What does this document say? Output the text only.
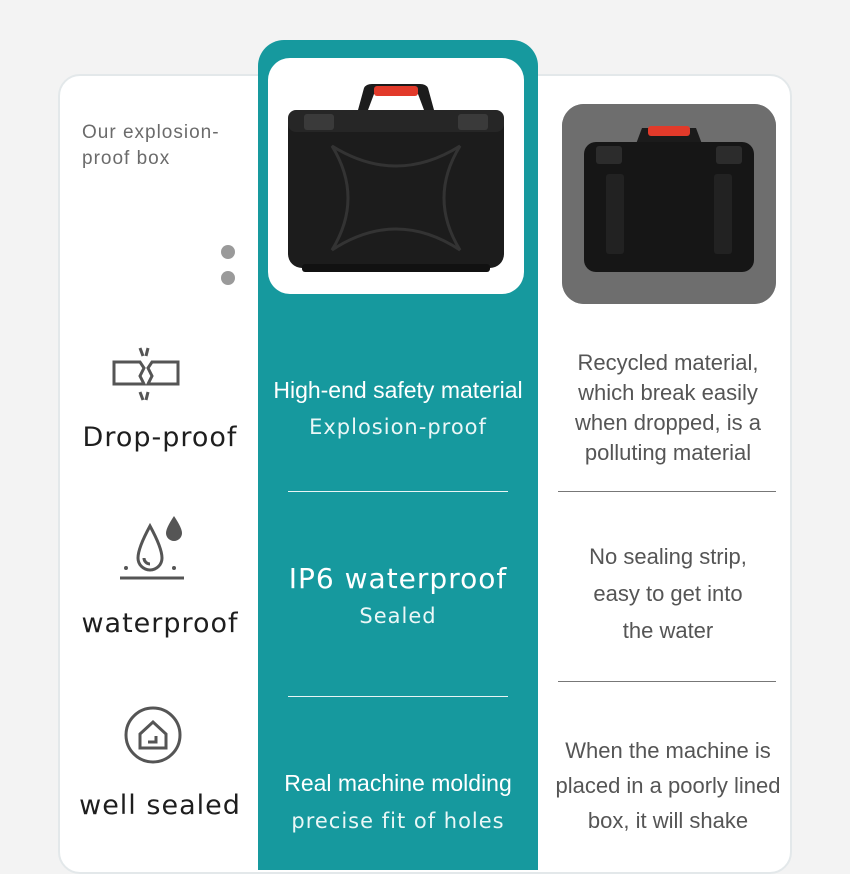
Our explosion-proof box
Drop-proof
waterproof
well sealed
High-end safety material
Explosion-proof
IP6 waterproof
Sealed
Real machine molding
precise fit of holes
Recycled material,
which break easily
when dropped, is a
polluting material
No sealing strip,
easy to get into
the water
When the machine is
placed in a poorly lined
box, it will shake
